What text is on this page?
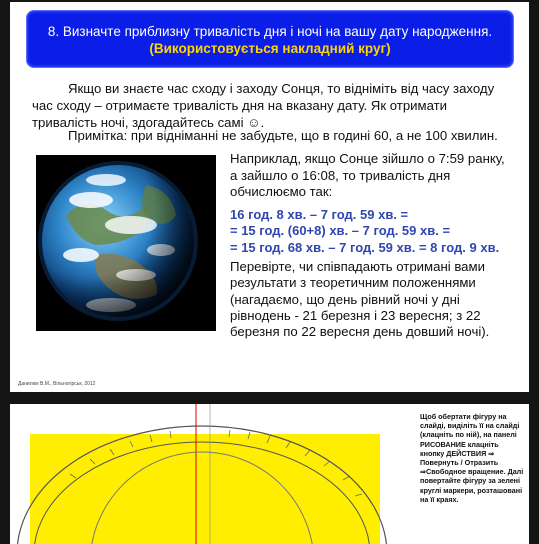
8. Визначте приблизну тривалість дня і ночі на вашу дату народження.
(Використовується накладний круг)

Якщо ви знаєте час сходу і заходу Сонця, то відніміть від часу заходу час сходу – отримаєте тривалість дня на вказану дату. Як отримати тривалість ночі, здогадайтесь самі ☺.

Примітка: при відніманні не забудьте, що в годині 60, а не 100 хвилин.
Наприклад, якщо Сонце зійшло о 7:59 ранку,
а зайшло о 16:08, то тривалість дня
обчислюємо так:
16 год. 8 хв. – 7 год. 59 хв. =
= 15 год. (60+8) хв. – 7 год. 59 хв. =
= 15 год. 68 хв. – 7 год. 59 хв. = 8 год. 9 хв.
Перевірте, чи співпадають отримані вами
результати з теоретичним положеннями
(нагадаємо, що день рівний ночі у дні
рівнодень - 21 березня і 23 вересня; з 22
березня по 22 вересня день довший ночі).
Данилюк В.М., Вільногірськ, 2012
Щоб обертати фігуру на слайді, виділіть її на слайді (клацніть по ній), на панелі РИСОВАНИЕ клацніть кнопку ДЕЙСТВИЯ ⇒ Повернуть / Отразить ⇒Свободное вращение. Далі повертайте фігуру за зелені круглі маркери, розташовані на її краях.
